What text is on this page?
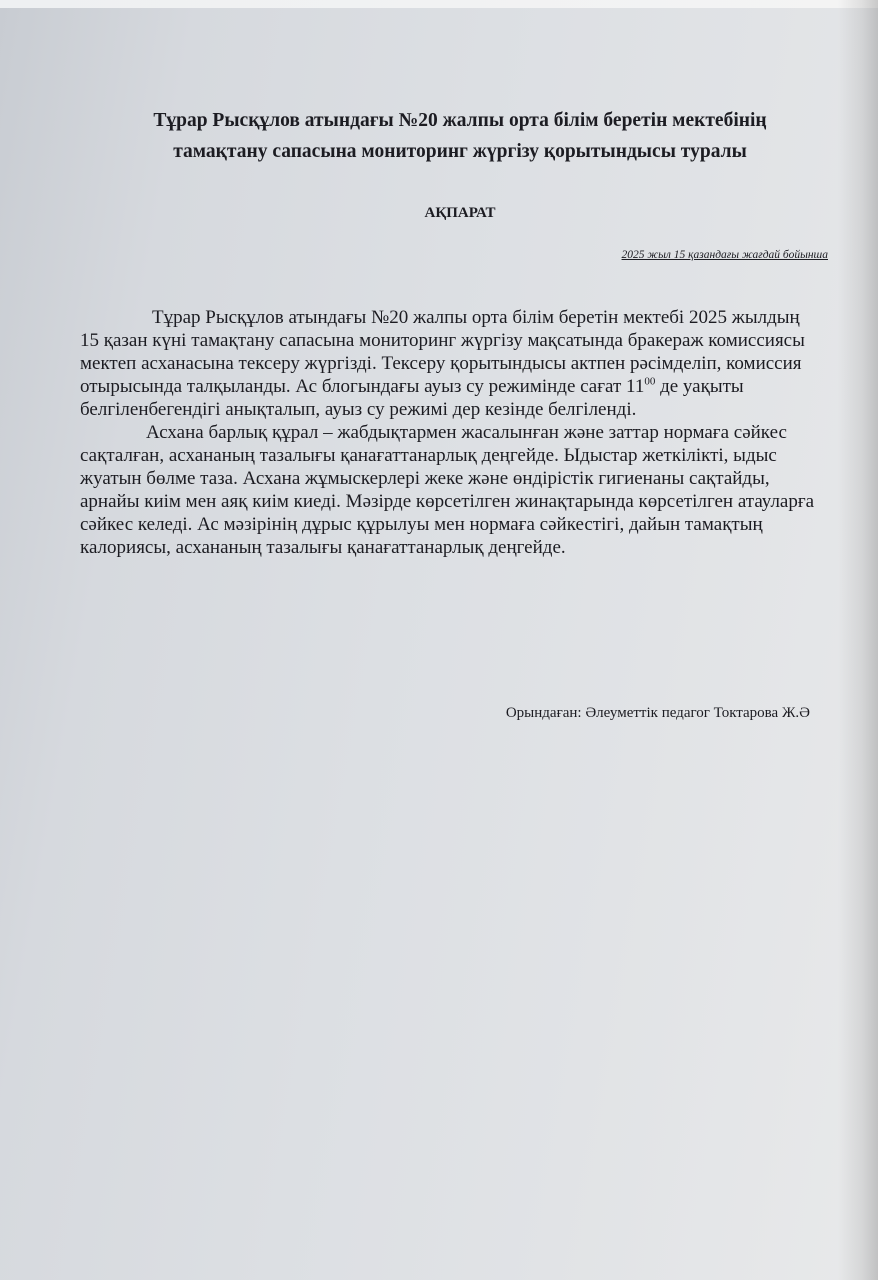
Тұрар Рысқұлов атындағы №20 жалпы орта білім беретін мектебінің
тамақтану сапасына мониторинг жүргізу қорытындысы туралы
АҚПАРАТ
2025 жыл 15 қазандағы жағдай бойынша

Тұрар Рысқұлов атындағы №20 жалпы орта білім беретін мектебі 2025 жылдың 15 қазан күні тамақтану сапасына мониторинг жүргізу мақсатында бракераж комиссиясы мектеп асханасына тексеру жүргізді. Тексеру қорытындысы актпен рәсімделіп, комиссия отырысында талқыланды. Ас блогындағы ауыз су режимінде сағат $11^{00}$ де уақыты белгіленбегендігі анықталып, ауыз су режимі дер кезінде белгіленді.

Асхана барлық құрал – жабдықтармен жасалынған және заттар нормаға сәйкес сақталған, асхананың тазалығы қанағаттанарлық деңгейде. Ыдыстар жеткілікті, ыдыс жуатын бөлме таза. Асхана жұмыскерлері жеке және өндірістік гигиенаны сақтайды, арнайы киім мен аяқ киім киеді. Мәзірде көрсетілген жинақтарында көрсетілген атауларға сәйкес келеді. Ас мәзірінің дұрыс құрылуы мен нормаға сәйкестігі, дайын тамақтың калориясы, асхананың тазалығы қанағаттанарлық деңгейде.

Орындаған: Әлеуметтік педагог Токтарова Ж.Ә
